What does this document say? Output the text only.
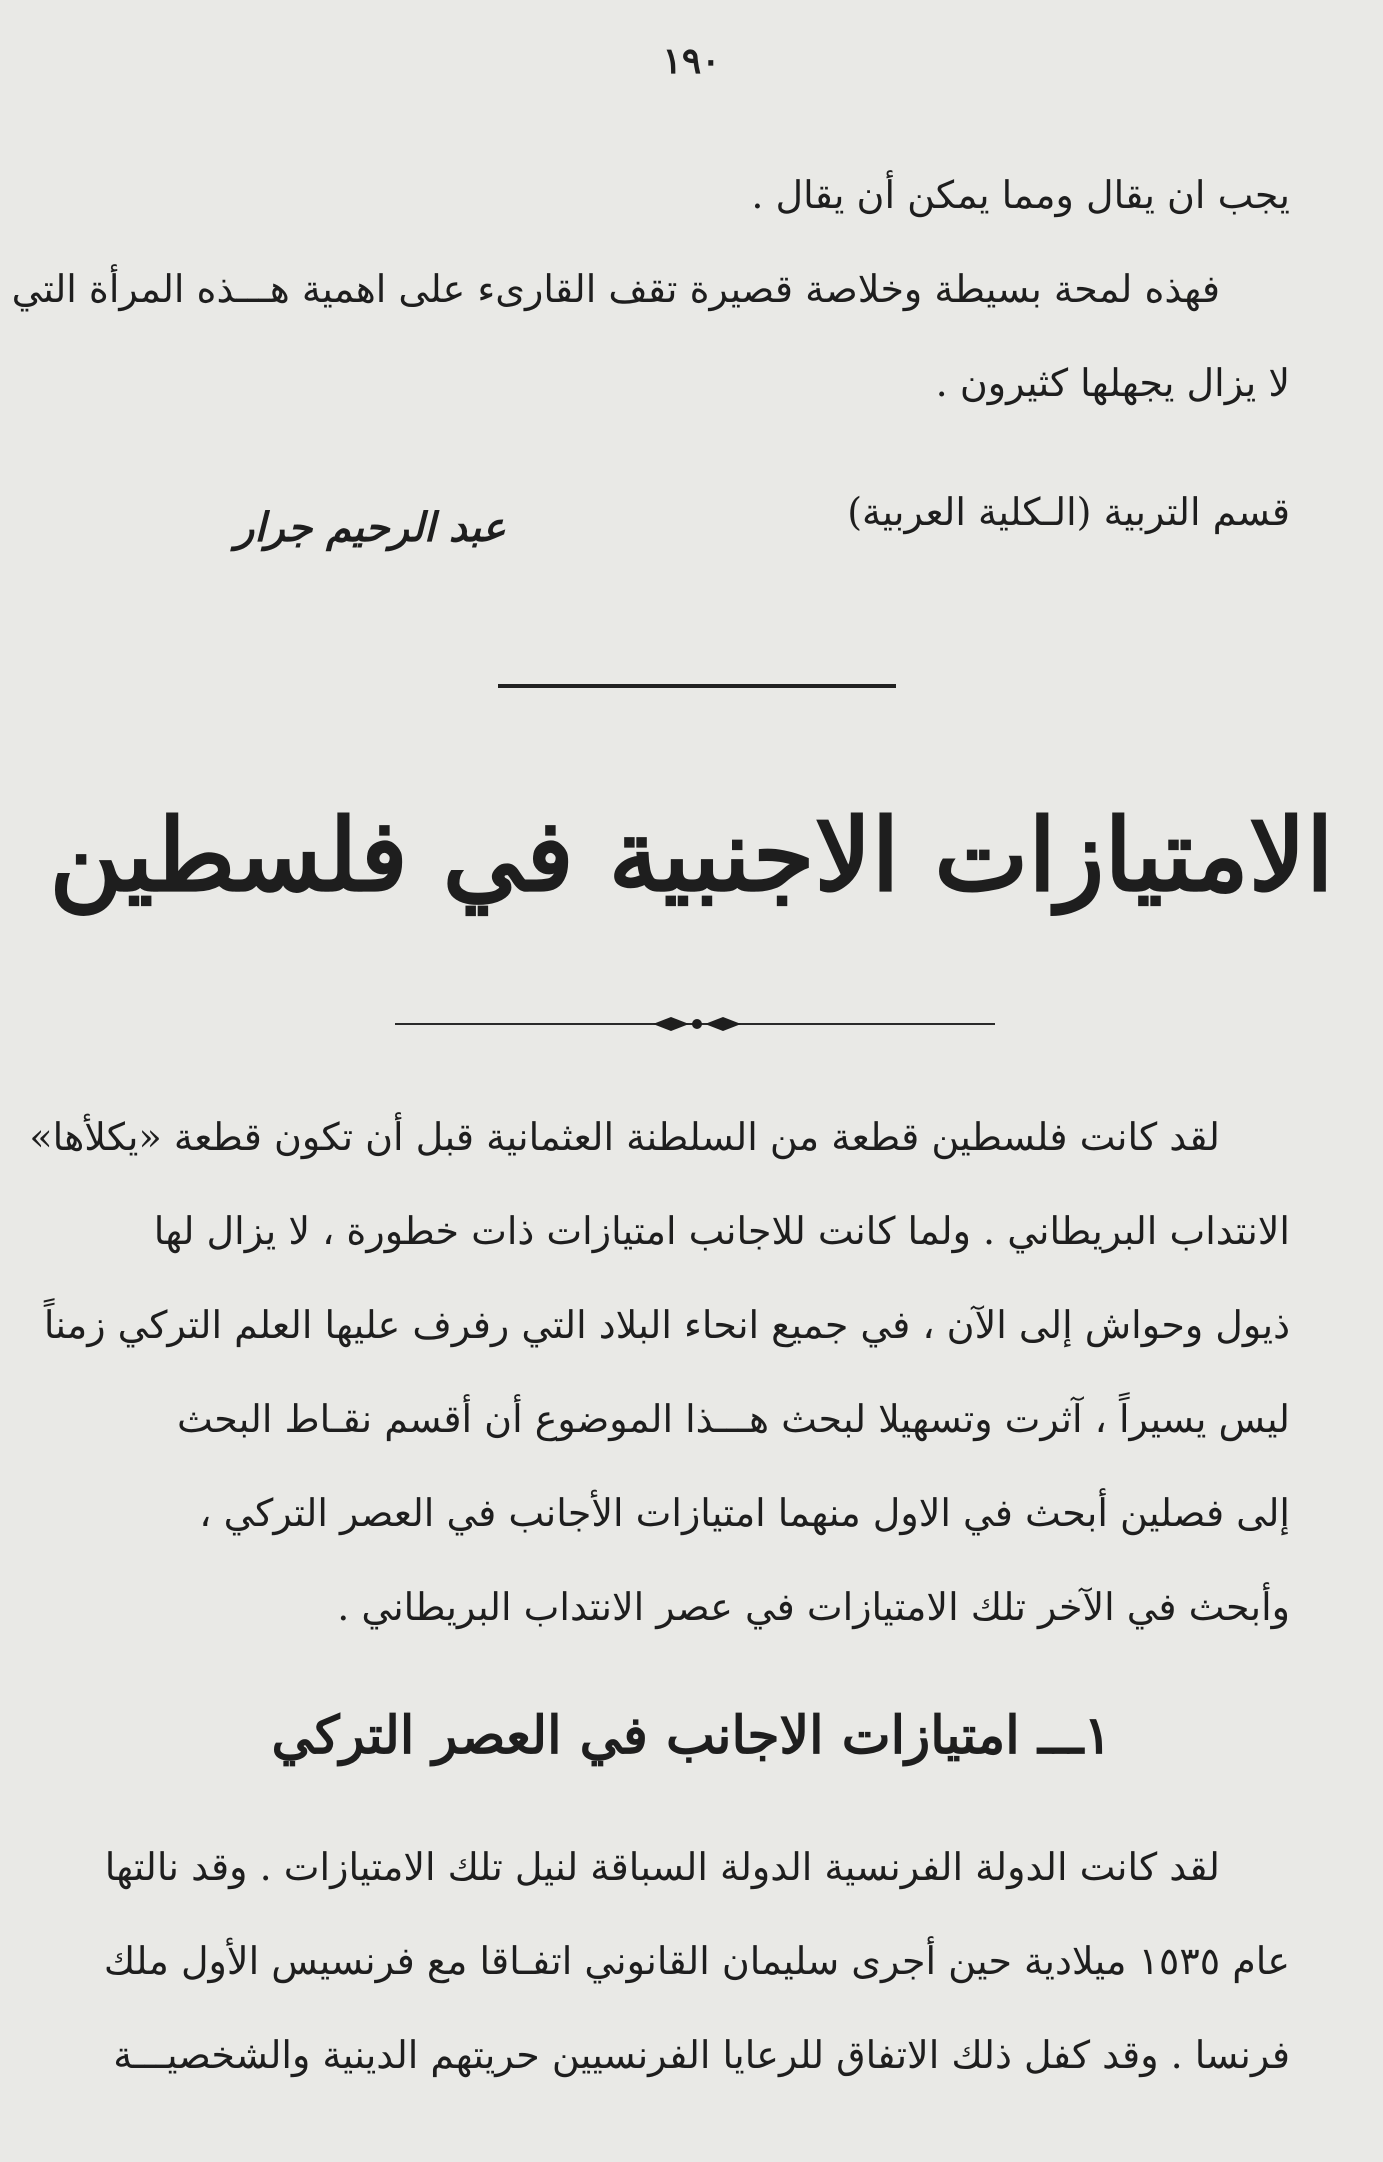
١٩٠
يجب ان يقال ومما يمكن أن يقال .
فهذه لمحة بسيطة وخلاصة قصيرة تقف القارىء على اهمية هـــذه المرأة التي
لا يزال يجهلها كثيرون .
قسم التربية (الـكلية العربية)
عبد الرحيم جرار
الامتيازات الاجنبية في فلسطين
لقد كانت فلسطين قطعة من السلطنة العثمانية قبل أن تكون قطعة «يكلأها»
الانتداب البريطاني . ولما كانت للاجانب امتيازات ذات خطورة ، لا يزال لها
ذيول وحواش إلى الآن ، في جميع انحاء البلاد التي رفرف عليها العلم التركي زمناً
ليس يسيراً ، آثرت وتسهيلا لبحث هـــذا الموضوع أن أقسم نقـاط البحث
إلى فصلين أبحث في الاول منهما امتيازات الأجانب في العصر التركي ،
وأبحث في الآخر تلك الامتيازات في عصر الانتداب البريطاني .
١ـــ امتيازات الاجانب في العصر التركي
لقد كانت الدولة الفرنسية الدولة السباقة لنيل تلك الامتيازات . وقد نالتها
عام ١٥٣٥ ميلادية حين أجرى سليمان القانوني اتفـاقا مع فرنسيس الأول ملك
فرنسا . وقد كفل ذلك الاتفاق للرعايا الفرنسيين حريتهم الدينية والشخصيـــة
